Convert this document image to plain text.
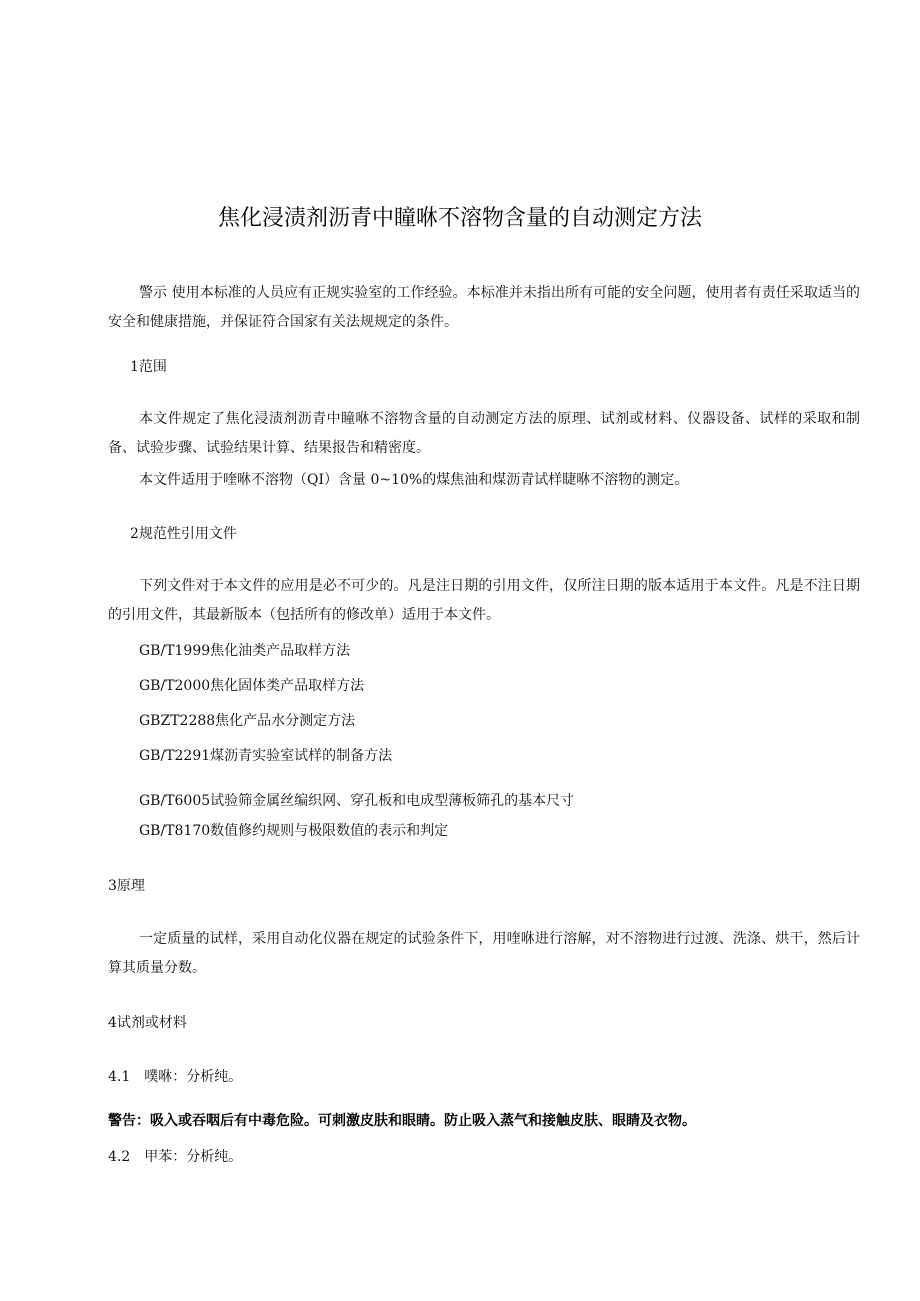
焦化浸渍剂沥青中瞳咻不溶物含量的自动测定方法
警示 使用本标准的人员应有正规实验室的工作经验。本标准并未指出所有可能的安全问题，使用者有责任采取适当的安全和健康措施，并保证符合国家有关法规规定的条件。
1范围
本文件规定了焦化浸渍剂沥青中瞳咻不溶物含量的自动测定方法的原理、试剂或材料、仪器设备、试样的采取和制备、试验步骤、试验结果计算、结果报告和精密度。
本文件适用于喹咻不溶物（QI）含量 0~10%的煤焦油和煤沥青试样睫咻不溶物的测定。
2规范性引用文件
下列文件对于本文件的应用是必不可少的。凡是注日期的引用文件，仅所注日期的版本适用于本文件。凡是不注日期的引用文件，其最新版本（包括所有的修改单）适用于本文件。
GB/T1999焦化油类产品取样方法
GB/T2000焦化固体类产品取样方法
GBZT2288焦化产品水分测定方法
GB/T2291煤沥青实验室试样的制备方法
GB/T6005试验筛金属丝编织网、穿孔板和电成型薄板筛孔的基本尺寸
GB/T8170数值修约规则与极限数值的表示和判定
3原理
一定质量的试样，采用自动化仪器在规定的试验条件下，用喹咻进行溶解，对不溶物进行过渡、洗涤、烘干，然后计算其质量分数。
4试剂或材料
4.1 噗咻：分析纯。
警告：吸入或吞咽后有中毒危险。可刺激皮肤和眼睛。防止吸入蒸气和接触皮肤、眼睛及衣物。
4.2 甲苯：分析纯。
